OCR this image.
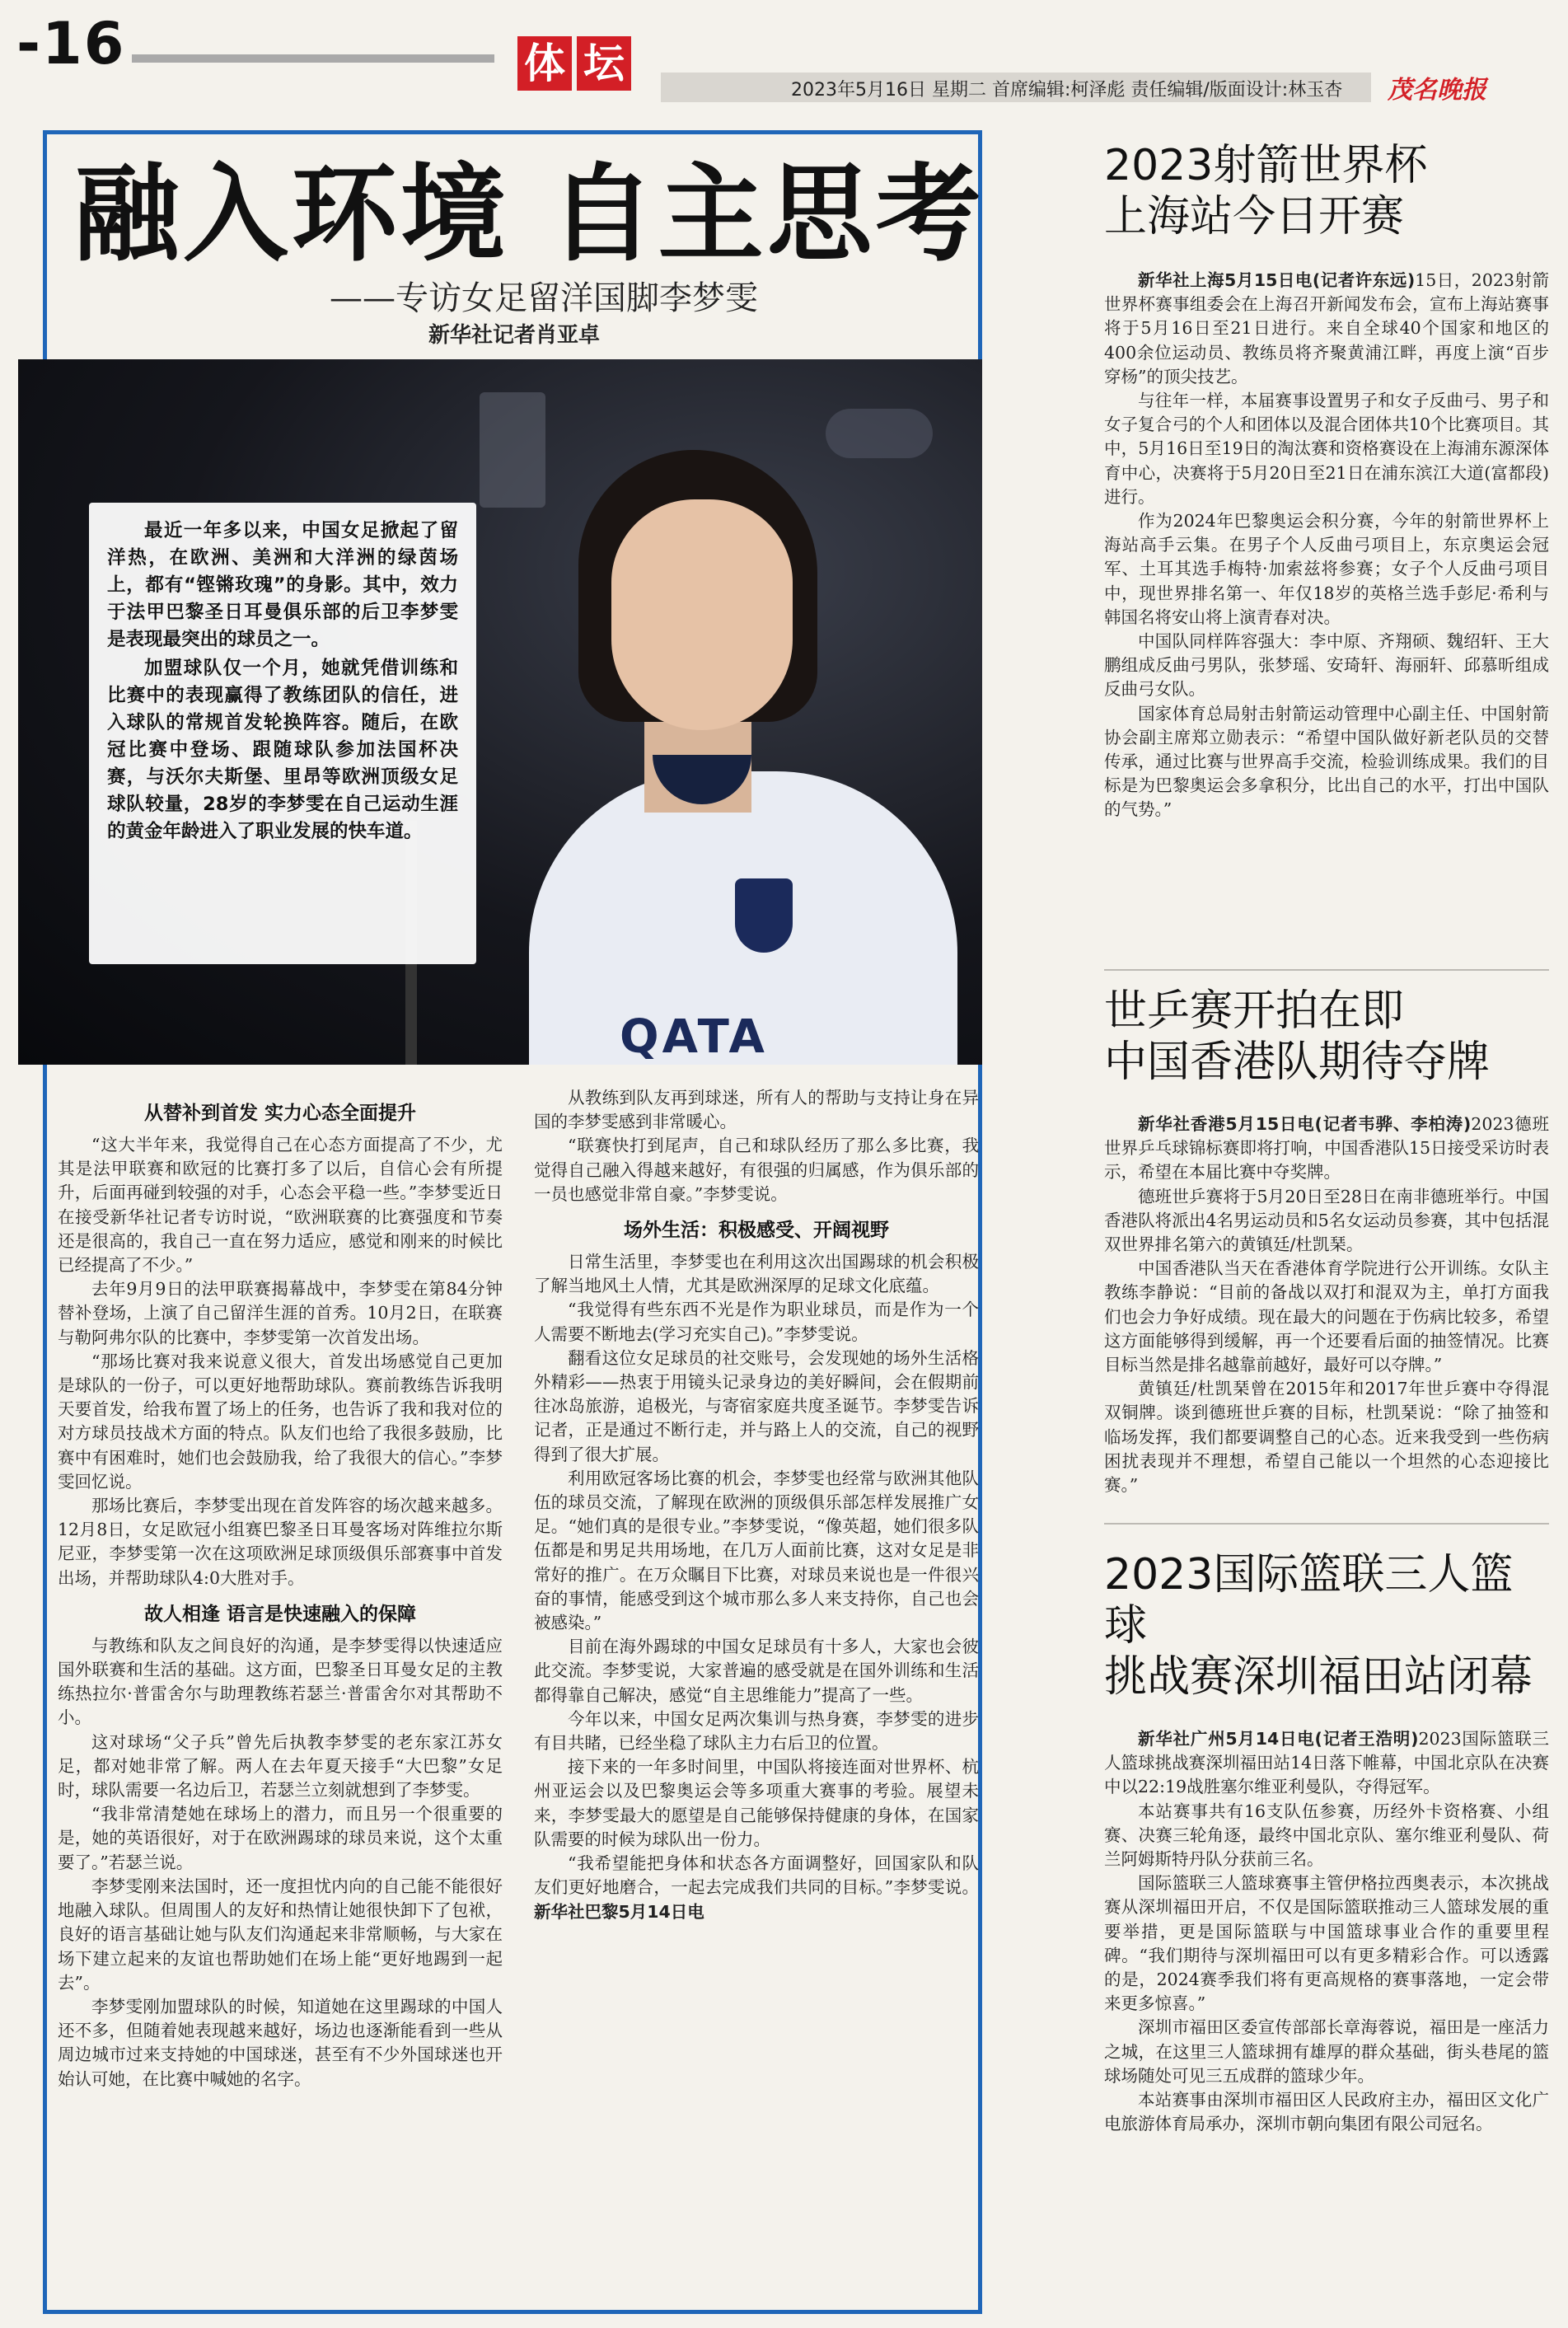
-16	体 坛
2023年5月16日 星期二 首席编辑:柯泽彪 责任编辑/版面设计:林玉杏 茂名晚报
融入环境 自主思考
——专访女足留洋国脚李梦雯
新华社记者肖亚卓
QATA

最近一年多以来，中国女足掀起了留洋热，在欧洲、美洲和大洋洲的绿茵场上，都有“铿锵玫瑰”的身影。其中，效力于法甲巴黎圣日耳曼俱乐部的后卫李梦雯是表现最突出的球员之一。

加盟球队仅一个月，她就凭借训练和比赛中的表现赢得了教练团队的信任，进入球队的常规首发轮换阵容。随后，在欧冠比赛中登场、跟随球队参加法国杯决赛，与沃尔夫斯堡、里昂等欧洲顶级女足球队较量，28岁的李梦雯在自己运动生涯的黄金年龄进入了职业发展的快车道。

从替补到首发 实力心态全面提升

“这大半年来，我觉得自己在心态方面提高了不少，尤其是法甲联赛和欧冠的比赛打多了以后，自信心会有所提升，后面再碰到较强的对手，心态会平稳一些。”李梦雯近日在接受新华社记者专访时说，“欧洲联赛的比赛强度和节奏还是很高的，我自己一直在努力适应，感觉和刚来的时候比已经提高了不少。”

去年9月9日的法甲联赛揭幕战中，李梦雯在第84分钟替补登场，上演了自己留洋生涯的首秀。10月2日，在联赛与勒阿弗尔队的比赛中，李梦雯第一次首发出场。

“那场比赛对我来说意义很大，首发出场感觉自己更加是球队的一份子，可以更好地帮助球队。赛前教练告诉我明天要首发，给我布置了场上的任务，也告诉了我和我对位的对方球员技战术方面的特点。队友们也给了我很多鼓励，比赛中有困难时，她们也会鼓励我，给了我很大的信心。”李梦雯回忆说。

那场比赛后，李梦雯出现在首发阵容的场次越来越多。12月8日，女足欧冠小组赛巴黎圣日耳曼客场对阵维拉尔斯尼亚，李梦雯第一次在这项欧洲足球顶级俱乐部赛事中首发出场，并帮助球队4:0大胜对手。

故人相逢 语言是快速融入的保障

与教练和队友之间良好的沟通，是李梦雯得以快速适应国外联赛和生活的基础。这方面，巴黎圣日耳曼女足的主教练热拉尔·普雷舍尔与助理教练若瑟兰·普雷舍尔对其帮助不小。

这对球场“父子兵”曾先后执教李梦雯的老东家江苏女足，都对她非常了解。两人在去年夏天接手“大巴黎”女足时，球队需要一名边后卫，若瑟兰立刻就想到了李梦雯。

“我非常清楚她在球场上的潜力，而且另一个很重要的是，她的英语很好，对于在欧洲踢球的球员来说，这个太重要了。”若瑟兰说。

李梦雯刚来法国时，还一度担忧内向的自己能不能很好地融入球队。但周围人的友好和热情让她很快卸下了包袱，良好的语言基础让她与队友们沟通起来非常顺畅，与大家在场下建立起来的友谊也帮助她们在场上能“更好地踢到一起去”。

李梦雯刚加盟球队的时候，知道她在这里踢球的中国人还不多，但随着她表现越来越好，场边也逐渐能看到一些从周边城市过来支持她的中国球迷，甚至有不少外国球迷也开始认可她，在比赛中喊她的名字。

从教练到队友再到球迷，所有人的帮助与支持让身在异国的李梦雯感到非常暖心。

“联赛快打到尾声，自己和球队经历了那么多比赛，我觉得自己融入得越来越好，有很强的归属感，作为俱乐部的一员也感觉非常自豪。”李梦雯说。

场外生活：积极感受、开阔视野

日常生活里，李梦雯也在利用这次出国踢球的机会积极了解当地风土人情，尤其是欧洲深厚的足球文化底蕴。

“我觉得有些东西不光是作为职业球员，而是作为一个人需要不断地去(学习充实自己)。”李梦雯说。

翻看这位女足球员的社交账号，会发现她的场外生活格外精彩——热衷于用镜头记录身边的美好瞬间，会在假期前往冰岛旅游，追极光，与寄宿家庭共度圣诞节。李梦雯告诉记者，正是通过不断行走，并与路上人的交流，自己的视野得到了很大扩展。

利用欧冠客场比赛的机会，李梦雯也经常与欧洲其他队伍的球员交流，了解现在欧洲的顶级俱乐部怎样发展推广女足。“她们真的是很专业。”李梦雯说，“像英超，她们很多队伍都是和男足共用场地，在几万人面前比赛，这对女足是非常好的推广。在万众瞩目下比赛，对球员来说也是一件很兴奋的事情，能感受到这个城市那么多人来支持你，自己也会被感染。”

目前在海外踢球的中国女足球员有十多人，大家也会彼此交流。李梦雯说，大家普遍的感受就是在国外训练和生活都得靠自己解决，感觉“自主思维能力”提高了一些。

今年以来，中国女足两次集训与热身赛，李梦雯的进步有目共睹，已经坐稳了球队主力右后卫的位置。

接下来的一年多时间里，中国队将接连面对世界杯、杭州亚运会以及巴黎奥运会等多项重大赛事的考验。展望未来，李梦雯最大的愿望是自己能够保持健康的身体，在国家队需要的时候为球队出一份力。

“我希望能把身体和状态各方面调整好，回国家队和队友们更好地磨合，一起去完成我们共同的目标。”李梦雯说。 新华社巴黎5月14日电

2023射箭世界杯
上海站今日开赛

新华社上海5月15日电(记者许东远)15日，2023射箭世界杯赛事组委会在上海召开新闻发布会，宣布上海站赛事将于5月16日至21日进行。来自全球40个国家和地区的400余位运动员、教练员将齐聚黄浦江畔，再度上演“百步穿杨”的顶尖技艺。

与往年一样，本届赛事设置男子和女子反曲弓、男子和女子复合弓的个人和团体以及混合团体共10个比赛项目。其中，5月16日至19日的淘汰赛和资格赛设在上海浦东源深体育中心，决赛将于5月20日至21日在浦东滨江大道(富都段)进行。

作为2024年巴黎奥运会积分赛，今年的射箭世界杯上海站高手云集。在男子个人反曲弓项目上，东京奥运会冠军、土耳其选手梅特·加索兹将参赛；女子个人反曲弓项目中，现世界排名第一、年仅18岁的英格兰选手彭尼·希利与韩国名将安山将上演青春对决。

中国队同样阵容强大：李中原、齐翔硕、魏绍轩、王大鹏组成反曲弓男队，张梦瑶、安琦轩、海丽轩、邱慕昕组成反曲弓女队。

国家体育总局射击射箭运动管理中心副主任、中国射箭协会副主席郑立勋表示：“希望中国队做好新老队员的交替传承，通过比赛与世界高手交流，检验训练成果。我们的目标是为巴黎奥运会多拿积分，比出自己的水平，打出中国队的气势。”

世乒赛开拍在即
中国香港队期待夺牌

新华社香港5月15日电(记者韦骅、李柏涛)2023德班世界乒乓球锦标赛即将打响，中国香港队15日接受采访时表示，希望在本届比赛中夺奖牌。

德班世乒赛将于5月20日至28日在南非德班举行。中国香港队将派出4名男运动员和5名女运动员参赛，其中包括混双世界排名第六的黄镇廷/杜凯琹。

中国香港队当天在香港体育学院进行公开训练。女队主教练李静说：“目前的备战以双打和混双为主，单打方面我们也会力争好成绩。现在最大的问题在于伤病比较多，希望这方面能够得到缓解，再一个还要看后面的抽签情况。比赛目标当然是排名越靠前越好，最好可以夺牌。”

黄镇廷/杜凯琹曾在2015年和2017年世乒赛中夺得混双铜牌。谈到德班世乒赛的目标，杜凯琹说：“除了抽签和临场发挥，我们都要调整自己的心态。近来我受到一些伤病困扰表现并不理想，希望自己能以一个坦然的心态迎接比赛。”

2023国际篮联三人篮球
挑战赛深圳福田站闭幕

新华社广州5月14日电(记者王浩明)2023国际篮联三人篮球挑战赛深圳福田站14日落下帷幕，中国北京队在决赛中以22:19战胜塞尔维亚利曼队，夺得冠军。

本站赛事共有16支队伍参赛，历经外卡资格赛、小组赛、决赛三轮角逐，最终中国北京队、塞尔维亚利曼队、荷兰阿姆斯特丹队分获前三名。

国际篮联三人篮球赛事主管伊格拉西奥表示，本次挑战赛从深圳福田开启，不仅是国际篮联推动三人篮球发展的重要举措，更是国际篮联与中国篮球事业合作的重要里程碑。“我们期待与深圳福田可以有更多精彩合作。可以透露的是，2024赛季我们将有更高规格的赛事落地，一定会带来更多惊喜。”

深圳市福田区委宣传部部长章海蓉说，福田是一座活力之城，在这里三人篮球拥有雄厚的群众基础，街头巷尾的篮球场随处可见三五成群的篮球少年。

本站赛事由深圳市福田区人民政府主办，福田区文化广电旅游体育局承办，深圳市朝向集团有限公司冠名。
